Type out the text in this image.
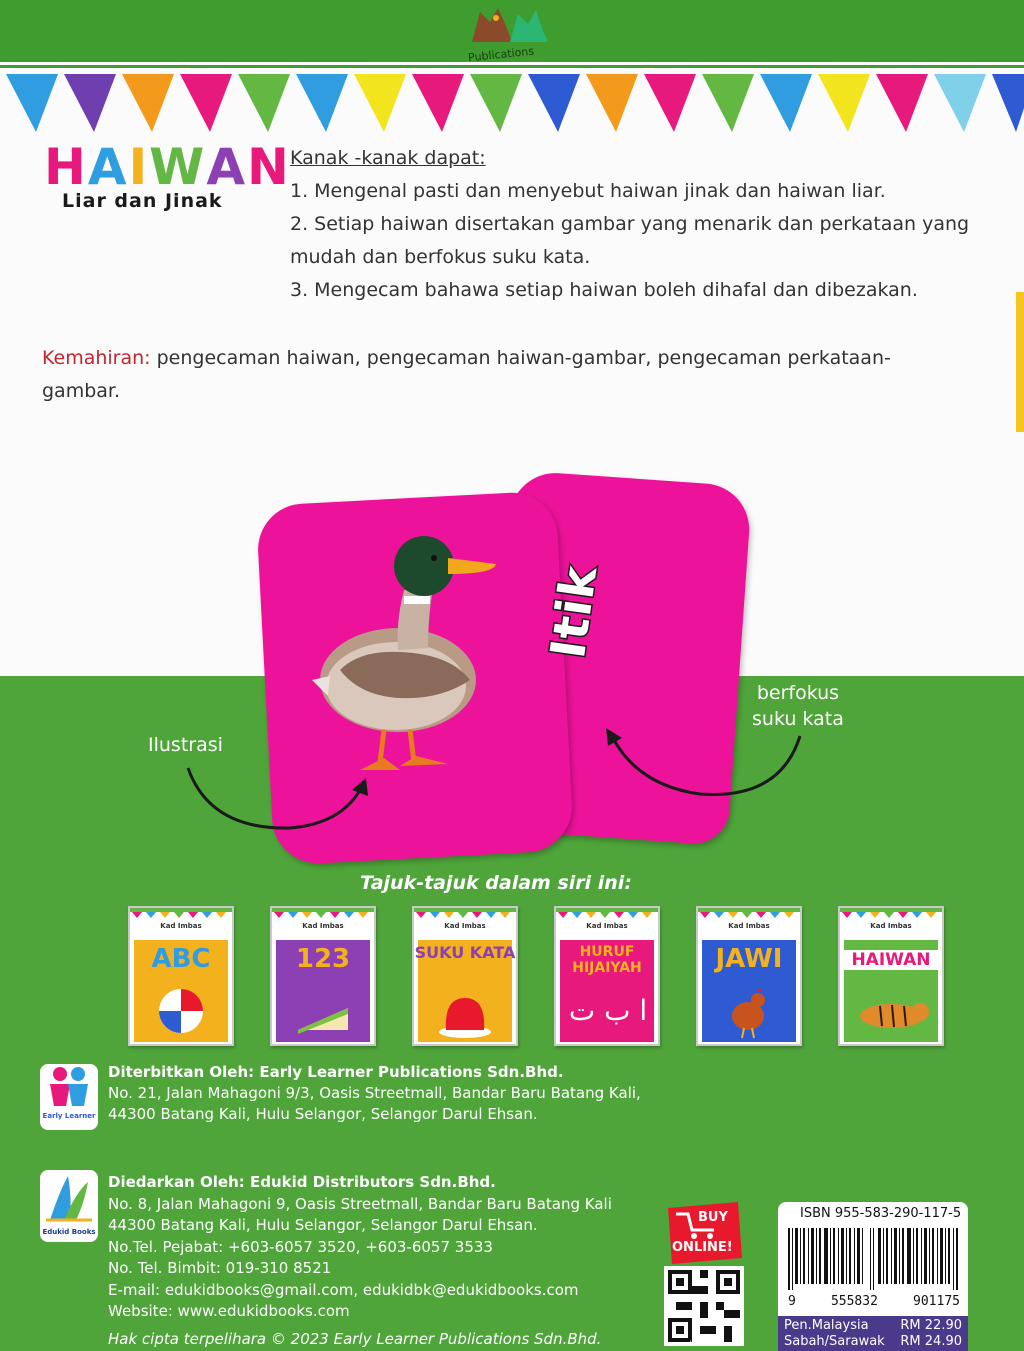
Publications
H A I W A N
Liar dan Jinak
Kanak -kanak dapat:
1. Mengenal pasti dan menyebut haiwan jinak dan haiwan liar.
2. Setiap haiwan disertakan gambar yang menarik dan perkataan yang mudah dan berfokus suku kata.
3. Mengecam bahawa setiap haiwan boleh dihafal dan dibezakan.
Kemahiran: pengecaman haiwan, pengecaman haiwan-gambar, pengecaman perkataan-gambar.
Itik
Ilustrasi
berfokus
suku kata
Tajuk-tajuk dalam siri ini:
Kad Imbas
ABC
Kad Imbas
123
Kad Imbas
SUKU KATA
Kad Imbas
HURUF HIJAIYAH
ا ب ت
Kad Imbas
JAWI
Kad Imbas
HAIWAN
Early Learner
Diterbitkan Oleh: Early Learner Publications Sdn.Bhd.
No. 21, Jalan Mahagoni 9/3, Oasis Streetmall, Bandar Baru Batang Kali,
44300 Batang Kali, Hulu Selangor, Selangor Darul Ehsan.
Edukid Books
Diedarkan Oleh: Edukid Distributors Sdn.Bhd.
No. 8, Jalan Mahagoni 9, Oasis Streetmall, Bandar Baru Batang Kali
44300 Batang Kali, Hulu Selangor, Selangor Darul Ehsan.
No.Tel. Pejabat: +603-6057 3520, +603-6057 3533
No. Tel. Bimbit: 019-310 8521
E-mail: edukidbooks@gmail.com, edukidbk@edukidbooks.com
Website: www.edukidbooks.com
Hak cipta terpelihara © 2023 Early Learner Publications Sdn.Bhd.
BUY
ONLINE!
www.edukidbooks.com
ISBN 955-583-290-117-5
9	555832	901175
Pen.Malaysia RM 22.90
Sabah/Sarawak RM 24.90
